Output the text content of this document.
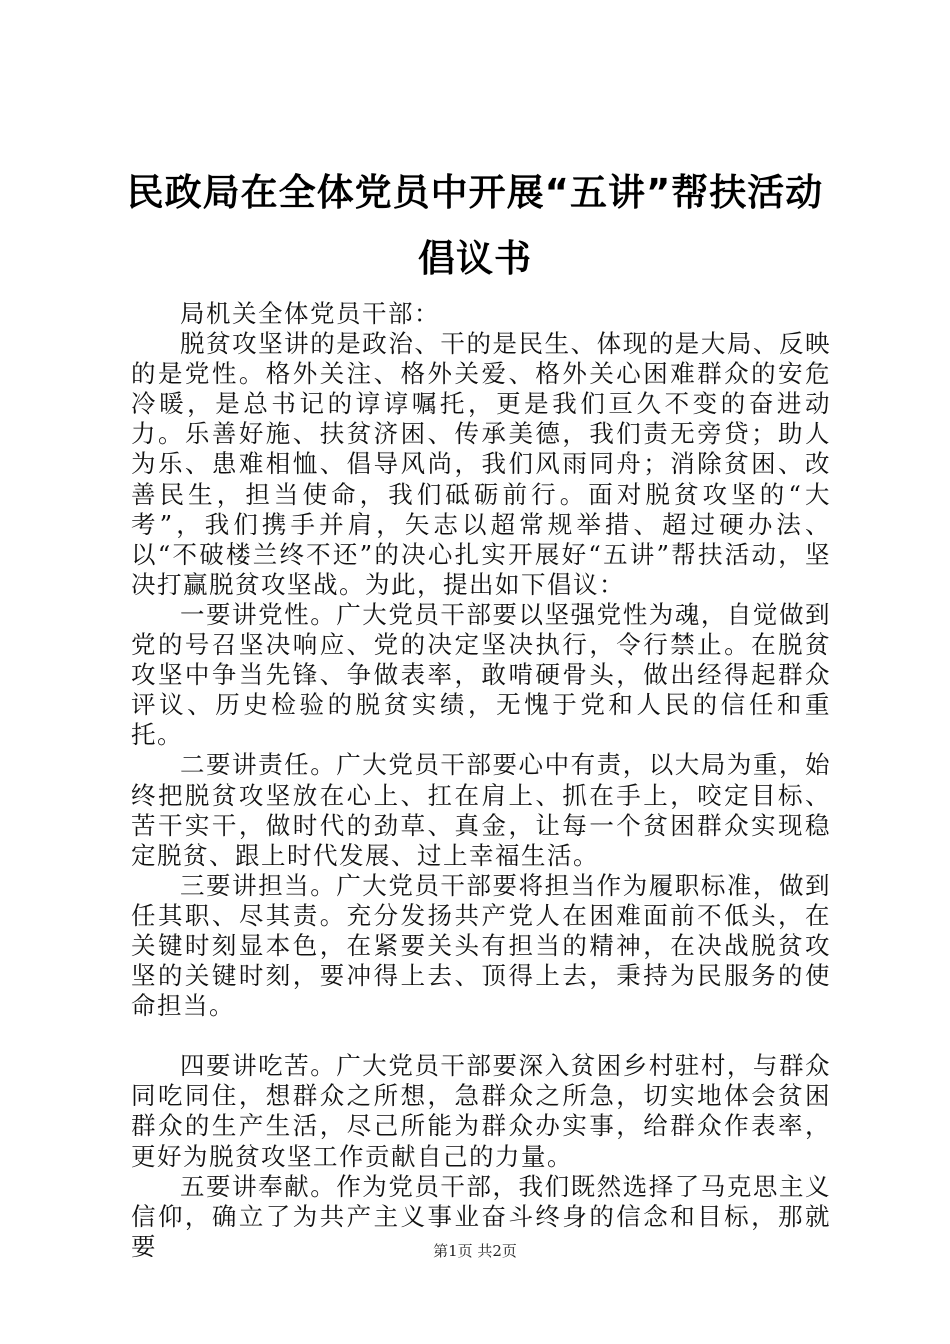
民政局在全体党员中开展“五讲”帮扶活动倡议书

局机关全体党员干部：

脱贫攻坚讲的是政治、干的是民生、体现的是大局、反映的是党性。格外关注、格外关爱、格外关心困难群众的安危冷暖，是总书记的谆谆嘱托，更是我们亘久不变的奋进动力。乐善好施、扶贫济困、传承美德，我们责无旁贷；助人为乐、患难相恤、倡导风尚，我们风雨同舟；消除贫困、改善民生，担当使命，我们砥砺前行。面对脱贫攻坚的“大考”，我们携手并肩，矢志以超常规举措、超过硬办法、以“不破楼兰终不还”的决心扎实开展好“五讲”帮扶活动，坚决打赢脱贫攻坚战。为此，提出如下倡议：

一要讲党性。广大党员干部要以坚强党性为魂，自觉做到党的号召坚决响应、党的决定坚决执行，令行禁止。在脱贫攻坚中争当先锋、争做表率，敢啃硬骨头，做出经得起群众评议、历史检验的脱贫实绩，无愧于党和人民的信任和重托。

二要讲责任。广大党员干部要心中有责，以大局为重，始终把脱贫攻坚放在心上、扛在肩上、抓在手上，咬定目标、苦干实干，做时代的劲草、真金，让每一个贫困群众实现稳定脱贫、跟上时代发展、过上幸福生活。

三要讲担当。广大党员干部要将担当作为履职标准，做到任其职、尽其责。充分发扬共产党人在困难面前不低头，在关键时刻显本色，在紧要关头有担当的精神，在决战脱贫攻坚的关键时刻，要冲得上去、顶得上去，秉持为民服务的使命担当。

四要讲吃苦。广大党员干部要深入贫困乡村驻村，与群众同吃同住，想群众之所想，急群众之所急，切实地体会贫困群众的生产生活，尽己所能为群众办实事，给群众作表率，更好为脱贫攻坚工作贡献自己的力量。

五要讲奉献。作为党员干部，我们既然选择了马克思主义信仰，确立了为共产主义事业奋斗终身的信念和目标，那就要	第1页 共2页
